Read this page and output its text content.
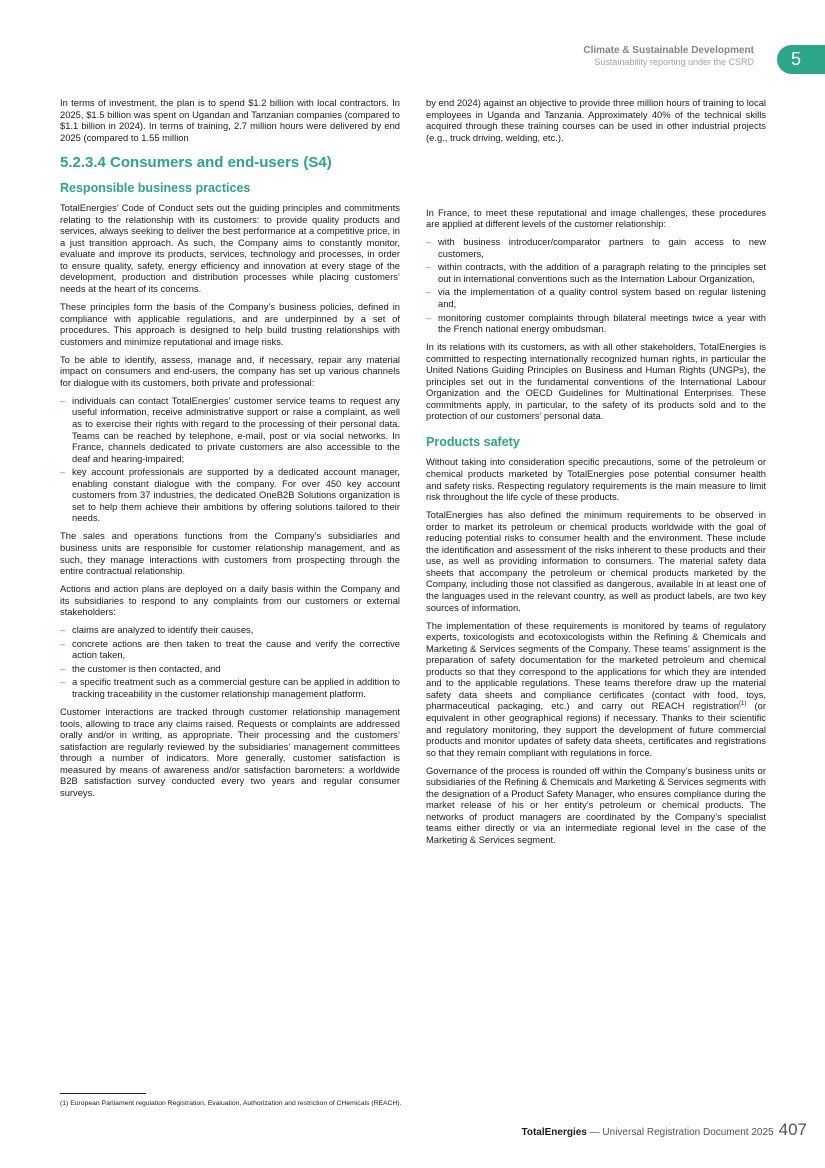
Climate & Sustainable Development
Sustainability reporting under the CSRD	5

In terms of investment, the plan is to spend $1.2 billion with local contractors. In 2025, $1.5 billion was spent on Ugandan and Tanzanian companies (compared to $1.1 billion in 2024). In terms of training, 2.7 million hours were delivered by end 2025 (compared to 1.55 million

5.2.3.4 Consumers and end-users (S4)
Responsible business practices

TotalEnergies’ Code of Conduct sets out the guiding principles and commitments relating to the relationship with its customers: to provide quality products and services, always seeking to deliver the best performance at a competitive price, in a just transition approach. As such, the Company aims to constantly monitor, evaluate and improve its products, services, technology and processes, in order to ensure quality, safety, energy efficiency and innovation at every stage of the development, production and distribution processes while placing customers’ needs at the heart of its concerns.

These principles form the basis of the Company’s business policies, defined in compliance with applicable regulations, and are underpinned by a set of procedures. This approach is designed to help build trusting relationships with customers and minimize reputational and image risks.

To be able to identify, assess, manage and, if necessary, repair any material impact on consumers and end-users, the company has set up various channels for dialogue with its customers, both private and professional:

– individuals can contact TotalEnergies’ customer service teams to request any useful information, receive administrative support or raise a complaint, as well as to exercise their rights with regard to the processing of their personal data. Teams can be reached by telephone, e-mail, post or via social networks. In France, channels dedicated to private customers are also accessible to the deaf and hearing-impaired;
– key account professionals are supported by a dedicated account manager, enabling constant dialogue with the company. For over 450 key account customers from 37 industries, the dedicated OneB2B Solutions organization is set to help them achieve their ambitions by offering solutions tailored to their needs.

The sales and operations functions from the Company’s subsidiaries and business units are responsible for customer relationship management, and as such, they manage interactions with customers from prospecting through the entire contractual relationship.

Actions and action plans are deployed on a daily basis within the Company and its subsidiaries to respond to any complaints from our customers or external stakeholders:

– claims are analyzed to identify their causes,
– concrete actions are then taken to treat the cause and verify the corrective action taken,
– the customer is then contacted, and
– a specific treatment such as a commercial gesture can be applied in addition to tracking traceability in the customer relationship management platform.

Customer interactions are tracked through customer relationship management tools, allowing to trace any claims raised. Requests or complaints are addressed orally and/or in writing, as appropriate. Their processing and the customers’ satisfaction are regularly reviewed by the subsidiaries’ management committees through a number of indicators. More generally, customer satisfaction is measured by means of awareness and/or satisfaction barometers: a worldwide B2B satisfaction survey conducted every two years and regular consumer surveys.

by end 2024) against an objective to provide three million hours of training to local employees in Uganda and Tanzania. Approximately 40% of the technical skills acquired through these training courses can be used in other industrial projects (e.g., truck driving, welding, etc.).

In France, to meet these reputational and image challenges, these procedures are applied at different levels of the customer relationship:

– with business introducer/comparator partners to gain access to new customers,
– within contracts, with the addition of a paragraph relating to the principles set out in international conventions such as the Internation Labour Organization,
– via the implementation of a quality control system based on regular listening and,
– monitoring customer complaints through bilateral meetings twice a year with the French national energy ombudsman.

In its relations with its customers, as with all other stakeholders, TotalEnergies is committed to respecting internationally recognized human rights, in particular the United Nations Guiding Principles on Business and Human Rights (UNGPs), the principles set out in the fundamental conventions of the International Labour Organization and the OECD Guidelines for Multinational Enterprises. These commitments apply, in particular, to the safety of its products sold and to the protection of our customers’ personal data.

Products safety

Without taking into consideration specific precautions, some of the petroleum or chemical products marketed by TotalEnergies pose potential consumer health and safety risks. Respecting regulatory requirements is the main measure to limit risk throughout the life cycle of these products.

TotalEnergies has also defined the minimum requirements to be observed in order to market its petroleum or chemical products worldwide with the goal of reducing potential risks to consumer health and the environment. These include the identification and assessment of the risks inherent to these products and their use, as well as providing information to consumers. The material safety data sheets that accompany the petroleum or chemical products marketed by the Company, including those not classified as dangerous, available in at least one of the languages used in the relevant country, as well as product labels, are two key sources of information.

The implementation of these requirements is monitored by teams of regulatory experts, toxicologists and ecotoxicologists within the Refining & Chemicals and Marketing & Services segments of the Company. These teams’ assignment is the preparation of safety documentation for the marketed petroleum and chemical products so that they correspond to the applications for which they are intended and to the applicable regulations. These teams therefore draw up the material safety data sheets and compliance certificates (contact with food, toys, pharmaceutical packaging, etc.) and carry out REACH registration$^{(1)}$ (or equivalent in other geographical regions) if necessary. Thanks to their scientific and regulatory monitoring, they support the development of future commercial products and monitor updates of safety data sheets, certificates and registrations so that they remain compliant with regulations in force.

Governance of the process is rounded off within the Company’s business units or subsidiaries of the Refining & Chemicals and Marketing & Services segments with the designation of a Product Safety Manager, who ensures compliance during the market release of his or her entity’s petroleum or chemical products. The networks of product managers are coordinated by the Company’s specialist teams either directly or via an intermediate regional level in the case of the Marketing & Services segment.

(1) European Parliament regulation Registration, Evaluation, Authorization and restriction of CHemicals (REACH).
TotalEnergies — Universal Registration Document 2025 407
